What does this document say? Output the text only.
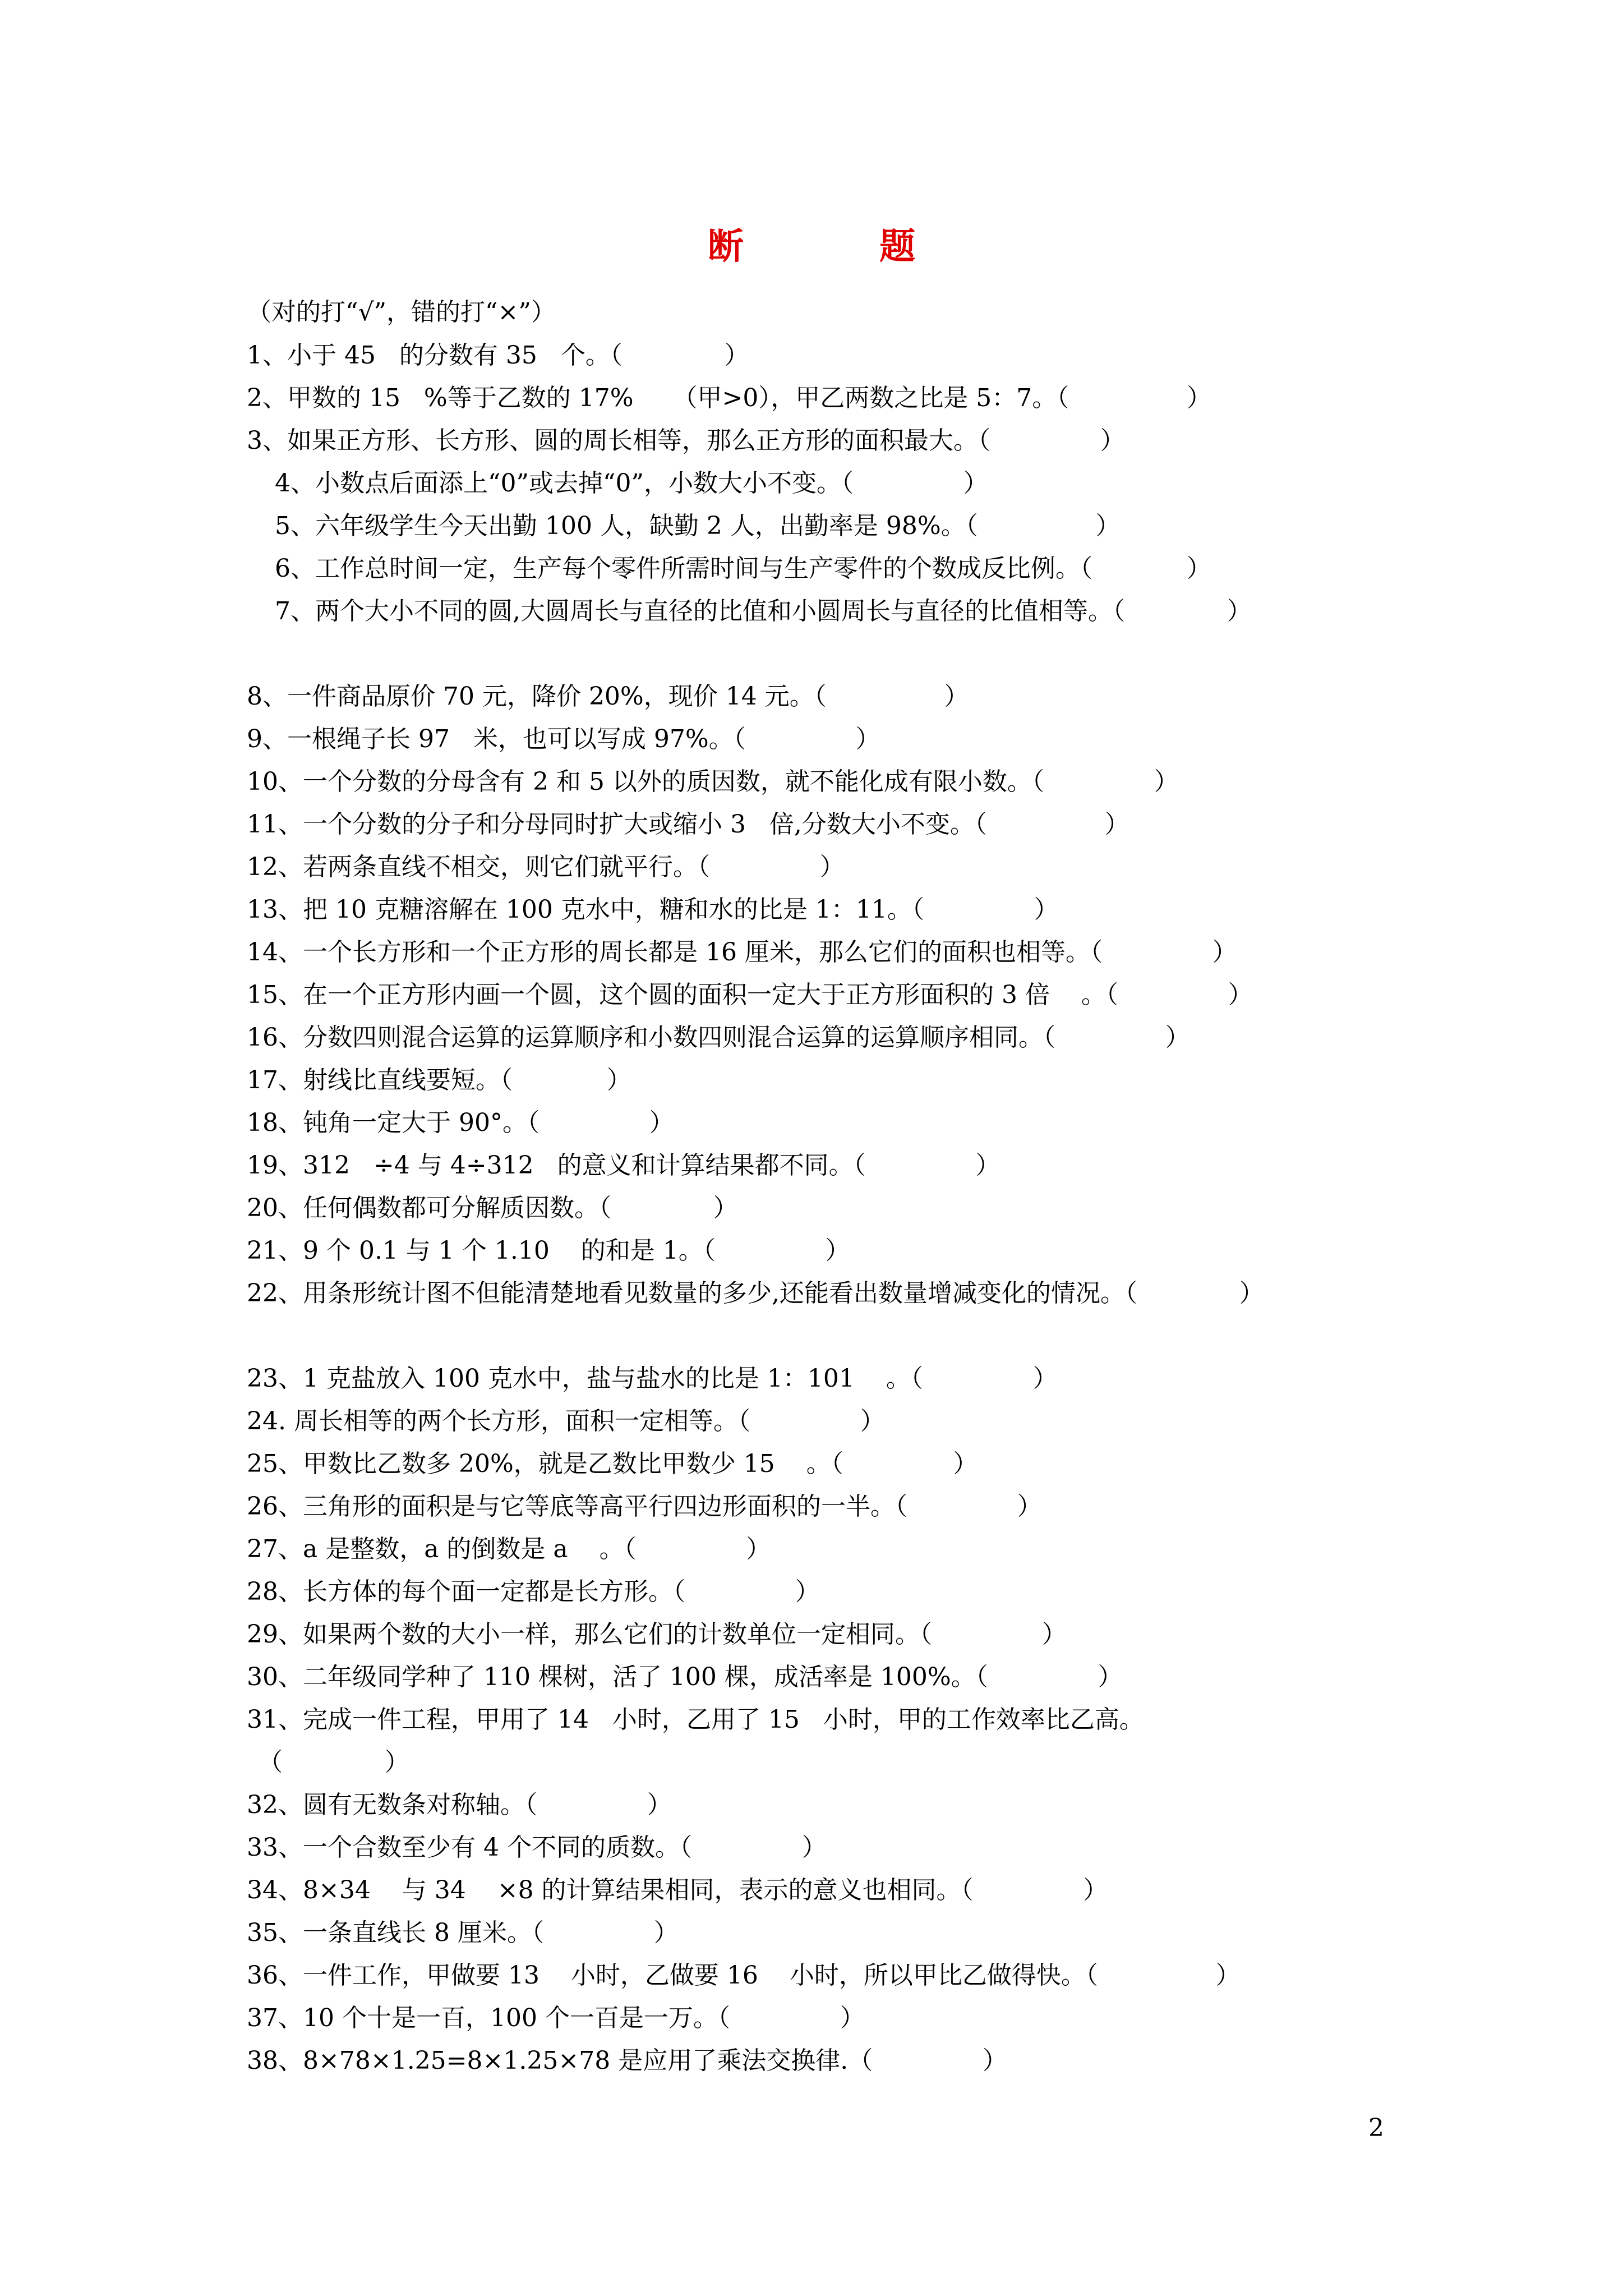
断 题
（对的打“√”，错的打“×”）
1、小于 45   的分数有 35   个。（             ）
2、甲数的 15   %等于乙数的 17%     （甲>0），甲乙两数之比是 5：7。（               ）
3、如果正方形、长方形、圆的周长相等，那么正方形的面积最大。（              ）
4、小数点后面添上“0”或去掉“0”，小数大小不变。（              ）
5、六年级学生今天出勤 100 人，缺勤 2 人，出勤率是 98%。（               ）
6、工作总时间一定，生产每个零件所需时间与生产零件的个数成反比例。（            ）
7、两个大小不同的圆,大圆周长与直径的比值和小圆周长与直径的比值相等。（             ）
8、一件商品原价 70 元，降价 20%，现价 14 元。（               ）
9、一根绳子长 97   米，也可以写成 97%。（              ）
10、一个分数的分母含有 2 和 5 以外的质因数，就不能化成有限小数。（              ）
11、一个分数的分子和分母同时扩大或缩小 3   倍,分数大小不变。（               ）
12、若两条直线不相交，则它们就平行。（              ）
13、把 10 克糖溶解在 100 克水中，糖和水的比是 1：11。（              ）
14、一个长方形和一个正方形的周长都是 16 厘米，那么它们的面积也相等。（              ）
15、在一个正方形内画一个圆，这个圆的面积一定大于正方形面积的 3 倍    。（              ）
16、分数四则混合运算的运算顺序和小数四则混合运算的运算顺序相同。（              ）
17、射线比直线要短。（            ）
18、钝角一定大于 90°。（              ）
19、312   ÷4 与 4÷312   的意义和计算结果都不同。（              ）
20、任何偶数都可分解质因数。（             ）
21、9 个 0.1 与 1 个 1.10    的和是 1。（              ）
22、用条形统计图不但能清楚地看见数量的多少,还能看出数量增减变化的情况。（             ）
23、1 克盐放入 100 克水中，盐与盐水的比是 1：101    。（              ）
24. 周长相等的两个长方形，面积一定相等。（              ）
25、甲数比乙数多 20%，就是乙数比甲数少 15    。（              ）
26、三角形的面积是与它等底等高平行四边形面积的一半。（              ）
27、a 是整数，a 的倒数是 a    。（              ）
28、长方体的每个面一定都是长方形。（              ）
29、如果两个数的大小一样，那么它们的计数单位一定相同。（              ）
30、二年级同学种了 110 棵树，活了 100 棵，成活率是 100%。（              ）
31、完成一件工程，甲用了 14   小时，乙用了 15   小时，甲的工作效率比乙高。
（             ）
32、圆有无数条对称轴。（              ）
33、一个合数至少有 4 个不同的质数。（              ）
34、8×34    与 34    ×8 的计算结果相同，表示的意义也相同。（              ）
35、一条直线长 8 厘米。（              ）
36、一件工作，甲做要 13    小时，乙做要 16    小时，所以甲比乙做得快。（               ）
37、10 个十是一百，100 个一百是一万。（              ）
38、8×78×1.25=8×1.25×78 是应用了乘法交换律.（              ）
2
